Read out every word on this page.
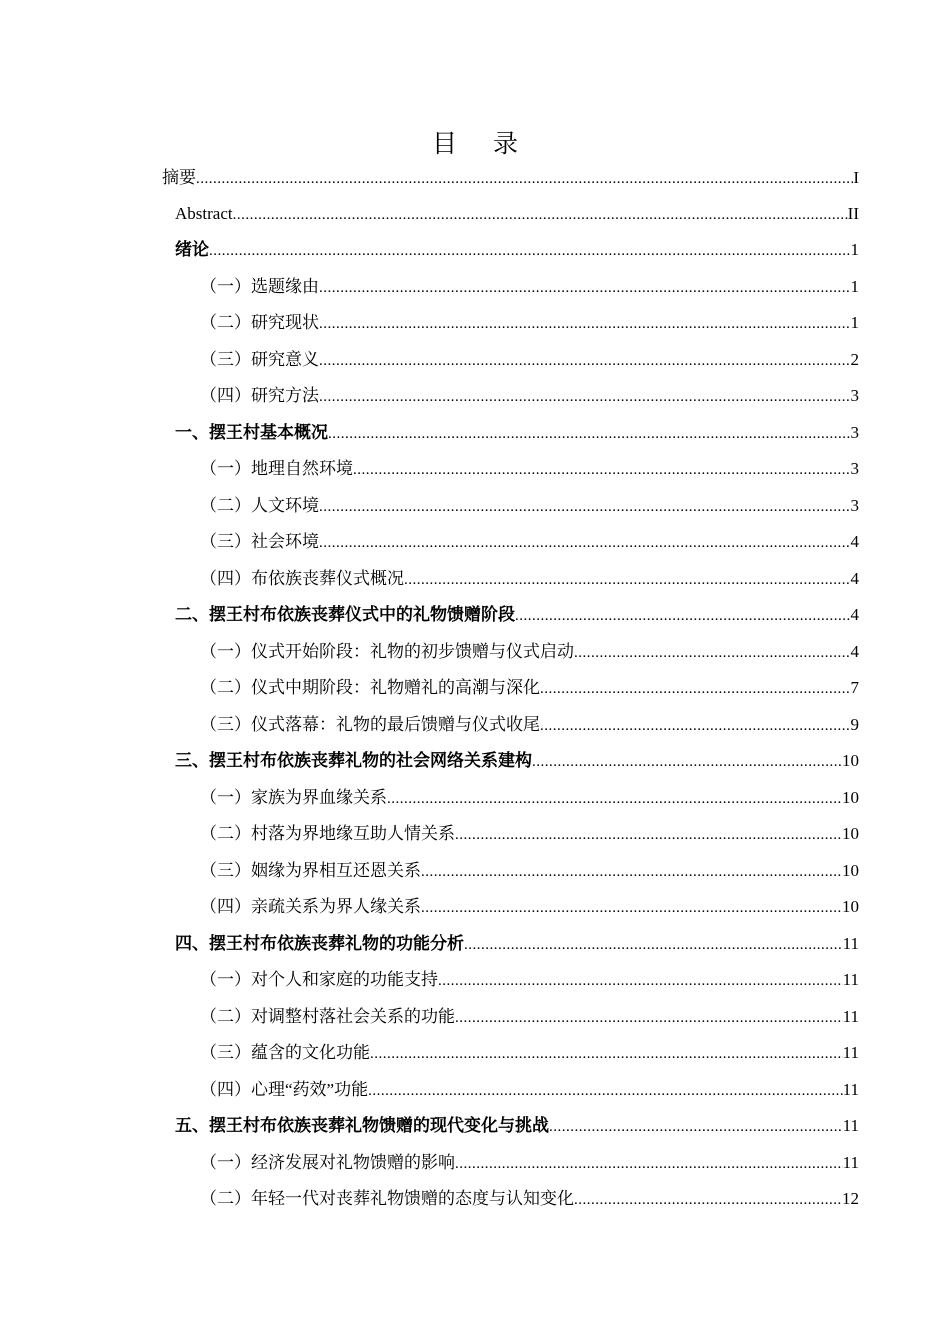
目 录
摘要 .....	I
Abstract .....	II
绪论 .....	1
（一）选题缘由 .....	1
（二）研究现状 .....	1
（三）研究意义 .....	2
（四）研究方法 .....	3
一、摆王村基本概况 .....	3
（一）地理自然环境 .....	3
（二）人文环境 .....	3
（三）社会环境 .....	4
（四）布依族丧葬仪式概况 .....	4
二、摆王村布依族丧葬仪式中的礼物馈赠阶段 .....	4
（一）仪式开始阶段：礼物的初步馈赠与仪式启动 .....	4
（二）仪式中期阶段：礼物赠礼的高潮与深化 .....	7
（三）仪式落幕：礼物的最后馈赠与仪式收尾 .....	9
三、摆王村布依族丧葬礼物的社会网络关系建构 .....	10
（一）家族为界血缘关系 .....	10
（二）村落为界地缘互助人情关系 .....	10
（三）姻缘为界相互还恩关系 .....	10
（四）亲疏关系为界人缘关系 .....	10
四、摆王村布依族丧葬礼物的功能分析 .....	11
（一）对个人和家庭的功能支持 .....	11
（二）对调整村落社会关系的功能 .....	11
（三）蕴含的文化功能 .....	11
（四）心理“药效”功能 .....	11
五、摆王村布依族丧葬礼物馈赠的现代变化与挑战 .....	11
（一）经济发展对礼物馈赠的影响 .....	11
（二）年轻一代对丧葬礼物馈赠的态度与认知变化 .....	12
